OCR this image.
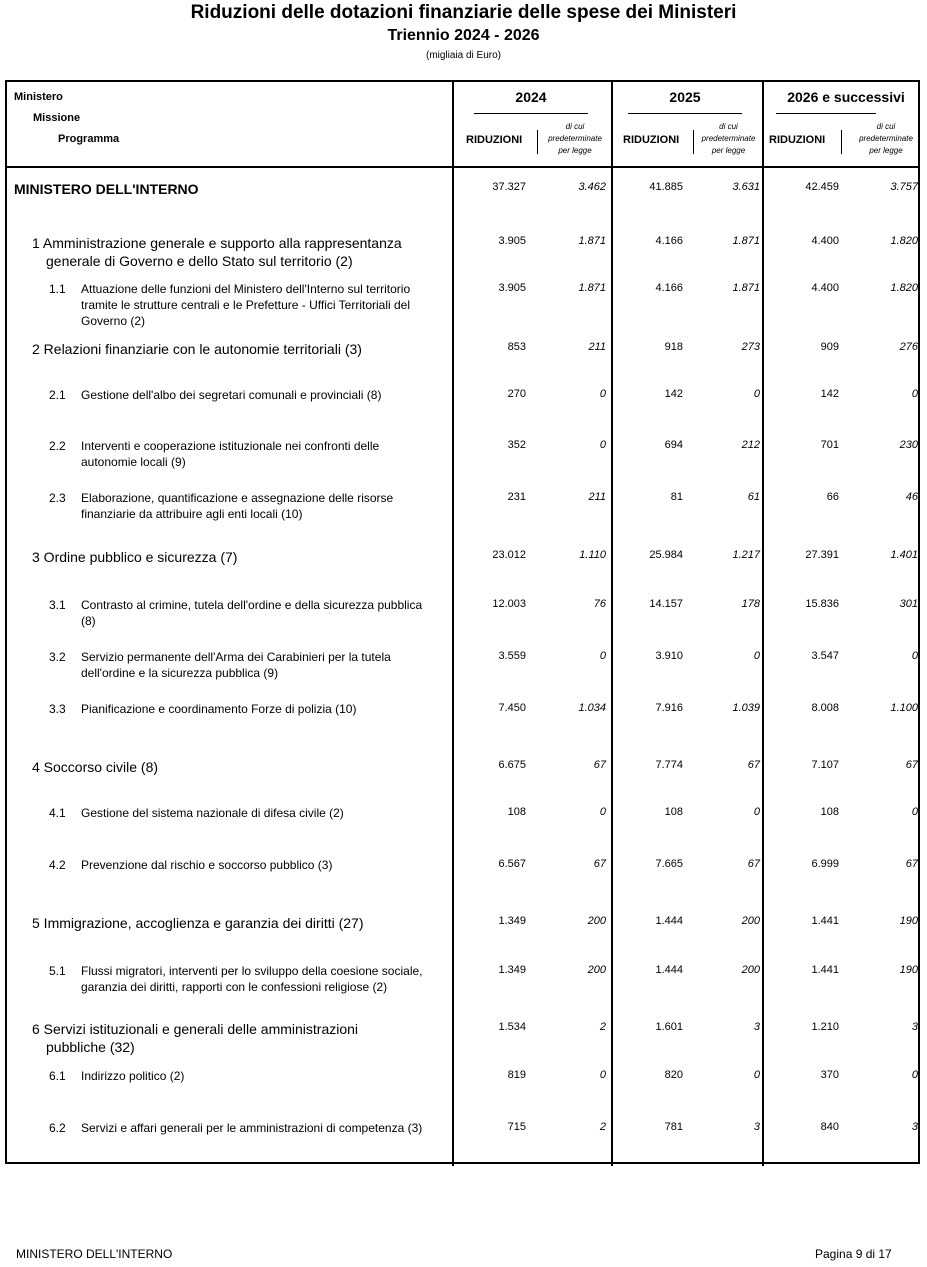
Riduzioni delle dotazioni finanziarie delle spese dei Ministeri
Triennio 2024 - 2026
(migliaia di Euro)
Ministero
Missione
Programma
2024	2025	2026 e successivi
RIDUZIONI
di cui
predeterminate
per legge
RIDUZIONI
di cui
predeterminate
per legge
RIDUZIONI
di cui
predeterminate
per legge
MINISTERO DELL'INTERNO	37.327	3.462	41.885	3.631	42.459	3.757
1 Amministrazione generale e supporto alla rappresentanza
generale di Governo e dello Stato sul territorio (2)
3.905	1.871	4.166	1.871	4.400	1.820
1.1 Attuazione delle funzioni del Ministero dell'Interno sul territorio
tramite le strutture centrali e le Prefetture - Uffici Territoriali del
Governo (2)
3.905	1.871	4.166	1.871	4.400	1.820
2 Relazioni finanziarie con le autonomie territoriali (3)	853	211	918	273	909	276
2.1 Gestione dell'albo dei segretari comunali e provinciali (8)	270	0	142	0	142	0
2.2 Interventi e cooperazione istituzionale nei confronti delle
autonomie locali (9)
352	0	694	212	701	230
2.3 Elaborazione, quantificazione e assegnazione delle risorse
finanziarie da attribuire agli enti locali (10)
231	211	81	61	66	46
3 Ordine pubblico e sicurezza (7)	23.012	1.110	25.984	1.217	27.391	1.401
3.1 Contrasto al crimine, tutela dell'ordine e della sicurezza pubblica
(8)
12.003	76	14.157	178	15.836	301
3.2 Servizio permanente dell'Arma dei Carabinieri per la tutela
dell'ordine e la sicurezza pubblica (9)
3.559	0	3.910	0	3.547	0
3.3 Pianificazione e coordinamento Forze di polizia (10)	7.450	1.034	7.916	1.039	8.008	1.100
4 Soccorso civile (8)	6.675	67	7.774	67	7.107	67
4.1 Gestione del sistema nazionale di difesa civile (2)	108	0	108	0	108	0
4.2 Prevenzione dal rischio e soccorso pubblico (3)	6.567	67	7.665	67	6.999	67
5 Immigrazione, accoglienza e garanzia dei diritti (27)	1.349	200	1.444	200	1.441	190
5.1 Flussi migratori, interventi per lo sviluppo della coesione sociale,
garanzia dei diritti, rapporti con le confessioni religiose (2)
1.349	200	1.444	200	1.441	190
6 Servizi istituzionali e generali delle amministrazioni
pubbliche (32)
1.534	2	1.601	3	1.210	3
6.1 Indirizzo politico (2)	819	0	820	0	370	0
6.2 Servizi e affari generali per le amministrazioni di competenza (3)	715	2	781	3	840	3
MINISTERO DELL'INTERNO	Pagina 9 di 17
